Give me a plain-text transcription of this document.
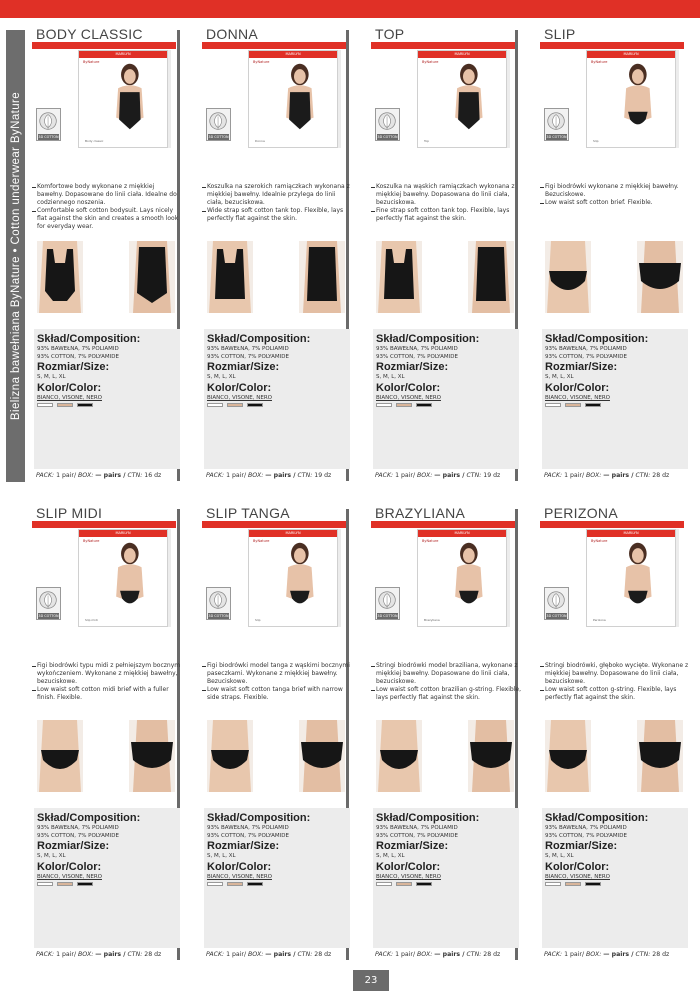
Bielizna bawełniana ByNature • Cotton underwear ByNature
BODY CLASSIC
MARILYN
ByNature
Body classic
3D COTTON

Komfortowe body wykonane z miękkiej bawełny. Dopasowane do linii ciała. Idealne do codziennego noszenia.

Comfortable soft cotton bodysuit. Lays nicely flat against the skin and creates a smooth look for everyday wear.

Skład/Composition:
93% BAWEŁNA, 7% POLIAMID
93% COTTON, 7% POLYAMIDE
Rozmiar/Size:
S, M, L, XL
Kolor/Color:
BIANCO, VISONE, NERO
PACK: 1 pair/ BOX: — pairs / CTN: 16 dz
DONNA
MARILYN
ByNature
Donna
3D COTTON

Koszulka na szerokich ramiączkach wykonana z miękkiej bawełny. Idealnie przylega do linii ciała, bezuciskowa.

Wide strap soft cotton tank top. Flexible, lays perfectly flat against the skin.

Skład/Composition:
93% BAWEŁNA, 7% POLIAMID
93% COTTON, 7% POLYAMIDE
Rozmiar/Size:
S, M, L, XL
Kolor/Color:
BIANCO, VISONE, NERO
PACK: 1 pair/ BOX: — pairs / CTN: 19 dz
TOP
MARILYN
ByNature
Top
3D COTTON

Koszulka na wąskich ramiączkach wykonana z miękkiej bawełny. Dopasowana do linii ciała, bezuciskowa.

Fine strap soft cotton tank top. Flexible, lays perfectly flat against the skin.

Skład/Composition:
93% BAWEŁNA, 7% POLIAMID
93% COTTON, 7% POLYAMIDE
Rozmiar/Size:
S, M, L, XL
Kolor/Color:
BIANCO, VISONE, NERO
PACK: 1 pair/ BOX: — pairs / CTN: 19 dz
SLIP
MARILYN
ByNature
Slip
3D COTTON

Figi biodrówki wykonane z miękkiej bawełny. Bezuciskowe.

Low waist soft cotton brief. Flexible.

Skład/Composition:
93% BAWEŁNA, 7% POLIAMID
93% COTTON, 7% POLYAMIDE
Rozmiar/Size:
S, M, L, XL
Kolor/Color:
BIANCO, VISONE, NERO
PACK: 1 pair/ BOX: — pairs / CTN: 28 dz
SLIP MIDI
MARILYN
ByNature
Slip midi
3D COTTON

Figi biodrówki typu midi z pełniejszym bocznym wykończeniem. Wykonane z miękkiej bawełny, bezuciskowe.

Low waist soft cotton midi brief with a fuller finish. Flexible.

Skład/Composition:
93% BAWEŁNA, 7% POLIAMID
93% COTTON, 7% POLYAMIDE
Rozmiar/Size:
S, M, L, XL
Kolor/Color:
BIANCO, VISONE, NERO
PACK: 1 pair/ BOX: — pairs / CTN: 28 dz
SLIP TANGA
MARILYN
ByNature
Slip
3D COTTON

Figi biodrówki model tanga z wąskimi bocznymi paseczkami. Wykonane z miękkiej bawełny. Bezuciskowe.

Low waist soft cotton tanga brief with narrow side straps. Flexible.

Skład/Composition:
93% BAWEŁNA, 7% POLIAMID
93% COTTON, 7% POLYAMIDE
Rozmiar/Size:
S, M, L, XL
Kolor/Color:
BIANCO, VISONE, NERO
PACK: 1 pair/ BOX: — pairs / CTN: 28 dz
BRAZYLIANA
MARILYN
ByNature
Brazyliana
3D COTTON

Stringi biodrówki model braziliana, wykonane z miękkiej bawełny. Dopasowane do linii ciała, bezuciskowe.

Low waist soft cotton brazilian g-string. Flexible, lays perfectly flat against the skin.

Skład/Composition:
93% BAWEŁNA, 7% POLIAMID
93% COTTON, 7% POLYAMIDE
Rozmiar/Size:
S, M, L, XL
Kolor/Color:
BIANCO, VISONE, NERO
PACK: 1 pair/ BOX: — pairs / CTN: 28 dz
PERIZONA
MARILYN
ByNature
Perizona
3D COTTON

Stringi biodrówki, głęboko wycięte. Wykonane z miękkiej bawełny. Dopasowane do linii ciała, bezuciskowe.

Low waist soft cotton g-string. Flexible, lays perfectly flat against the skin.

Skład/Composition:
93% BAWEŁNA, 7% POLIAMID
93% COTTON, 7% POLYAMIDE
Rozmiar/Size:
S, M, L, XL
Kolor/Color:
BIANCO, VISONE, NERO
PACK: 1 pair/ BOX: — pairs / CTN: 28 dz
23
